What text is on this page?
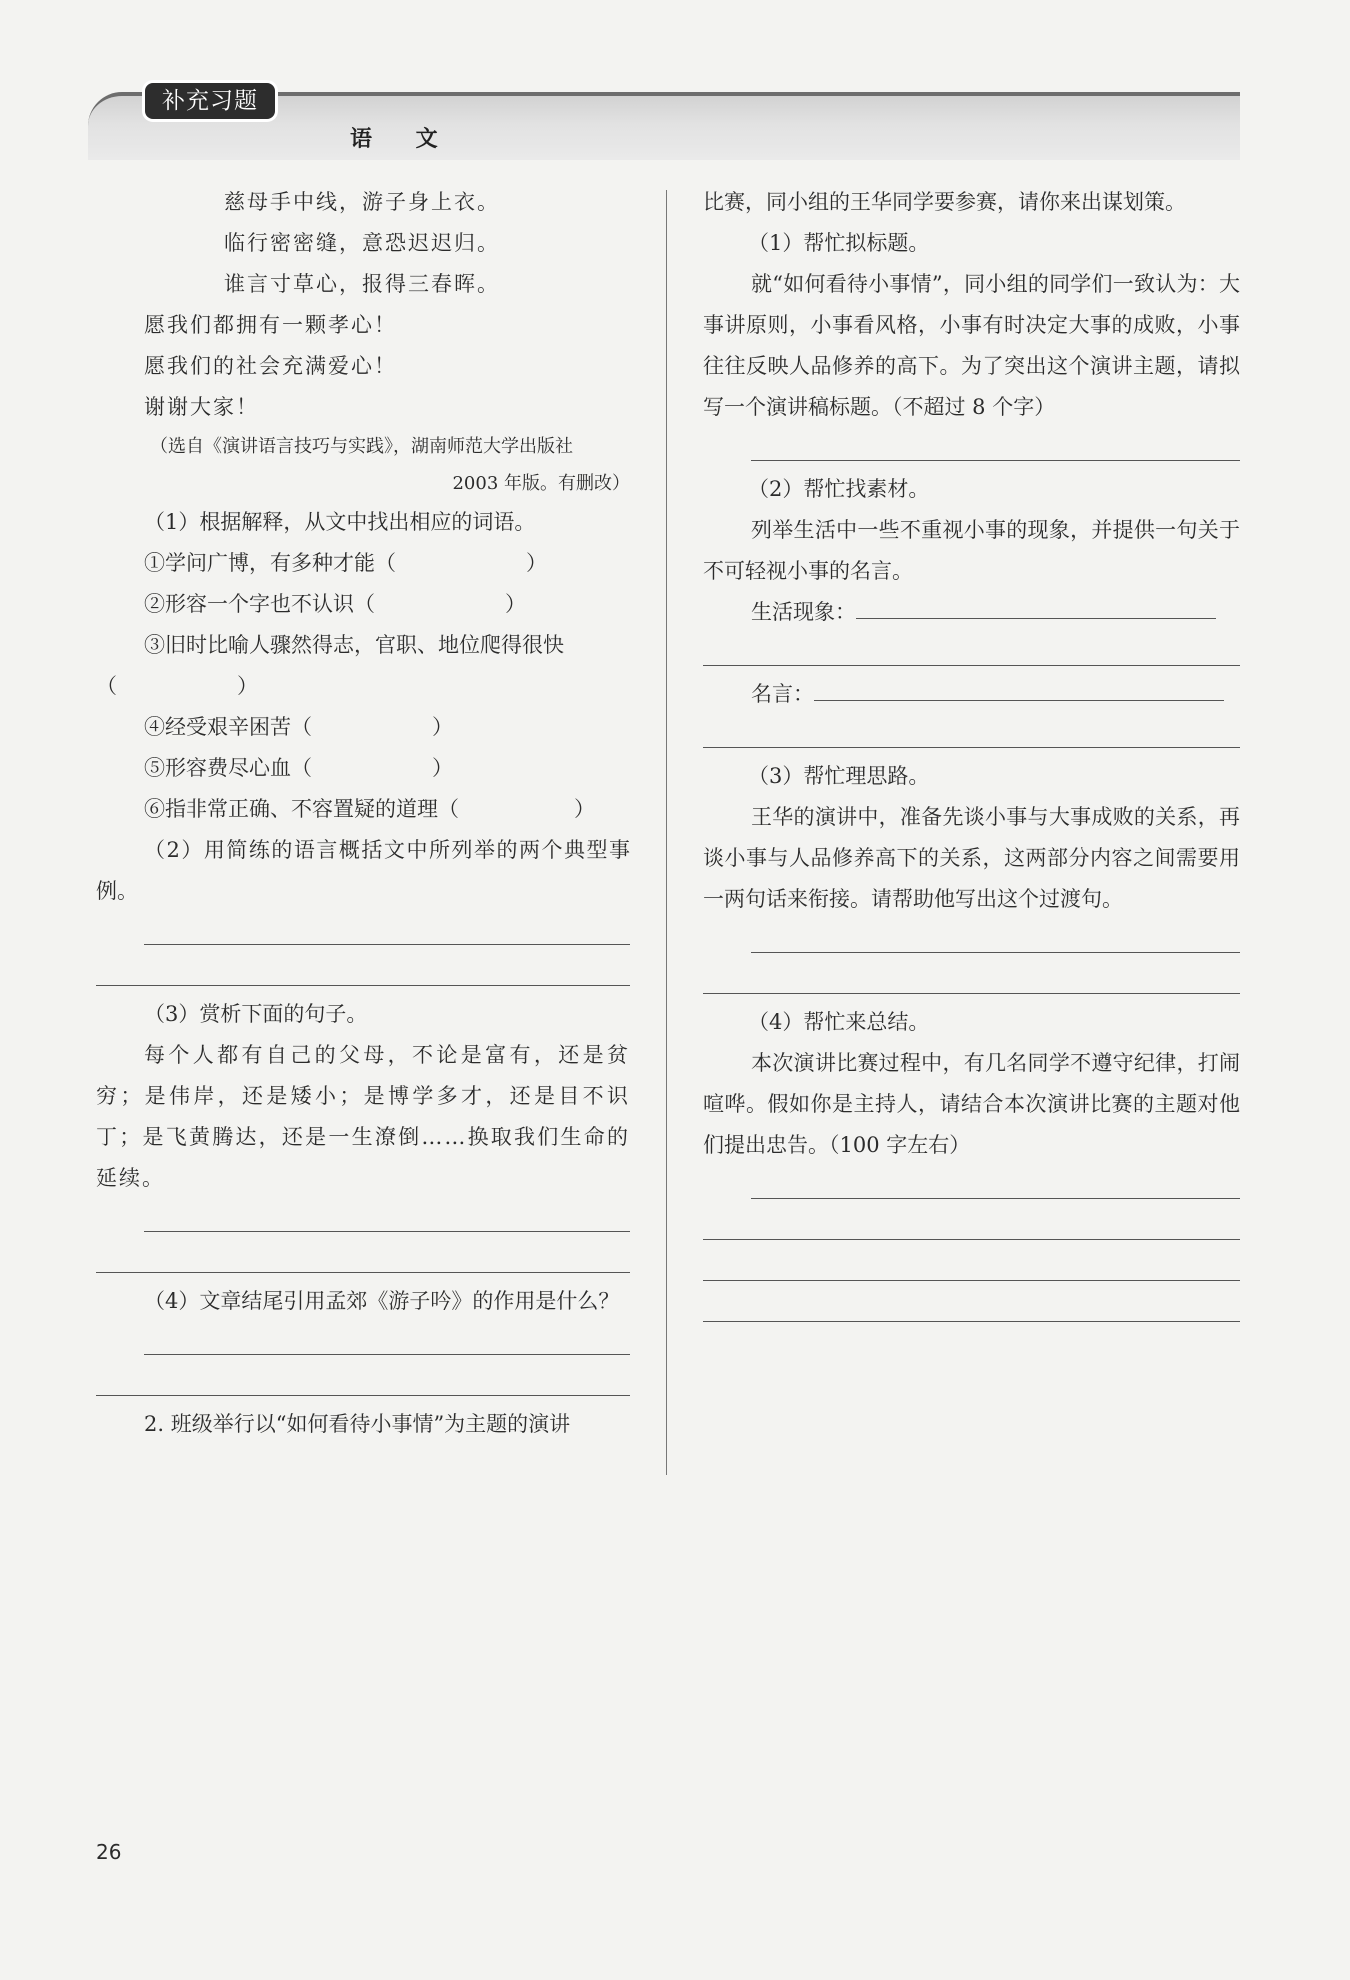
补充习题
语 文

慈母手中线，游子身上衣。

临行密密缝，意恐迟迟归。

谁言寸草心，报得三春晖。

愿我们都拥有一颗孝心！

愿我们的社会充满爱心！

谢谢大家！

（选自《演讲语言技巧与实践》，湖南师范大学出版社

2003 年版。有删改）

（1）根据解释，从文中找出相应的词语。

①学问广博，有多种才能（	）

②形容一个字也不认识（	）

③旧时比喻人骤然得志，官职、地位爬得很快

（	）

④经受艰辛困苦（	）

⑤形容费尽心血（	）

⑥指非常正确、不容置疑的道理（	）

（2）用简练的语言概括文中所列举的两个典型事例。

（3）赏析下面的句子。

每个人都有自己的父母，不论是富有，还是贫穷；是伟岸，还是矮小；是博学多才，还是目不识丁；是飞黄腾达，还是一生潦倒……换取我们生命的延续。

（4）文章结尾引用孟郊《游子吟》的作用是什么？

2. 班级举行以“如何看待小事情”为主题的演讲

比赛，同小组的王华同学要参赛，请你来出谋划策。

（1）帮忙拟标题。

就“如何看待小事情”，同小组的同学们一致认为：大事讲原则，小事看风格，小事有时决定大事的成败，小事往往反映人品修养的高下。为了突出这个演讲主题，请拟写一个演讲稿标题。（不超过 8 个字）

（2）帮忙找素材。

列举生活中一些不重视小事的现象，并提供一句关于不可轻视小事的名言。

生活现象：

名言：

（3）帮忙理思路。

王华的演讲中，准备先谈小事与大事成败的关系，再谈小事与人品修养高下的关系，这两部分内容之间需要用一两句话来衔接。请帮助他写出这个过渡句。

（4）帮忙来总结。

本次演讲比赛过程中，有几名同学不遵守纪律，打闹喧哗。假如你是主持人，请结合本次演讲比赛的主题对他们提出忠告。（100 字左右）

26
